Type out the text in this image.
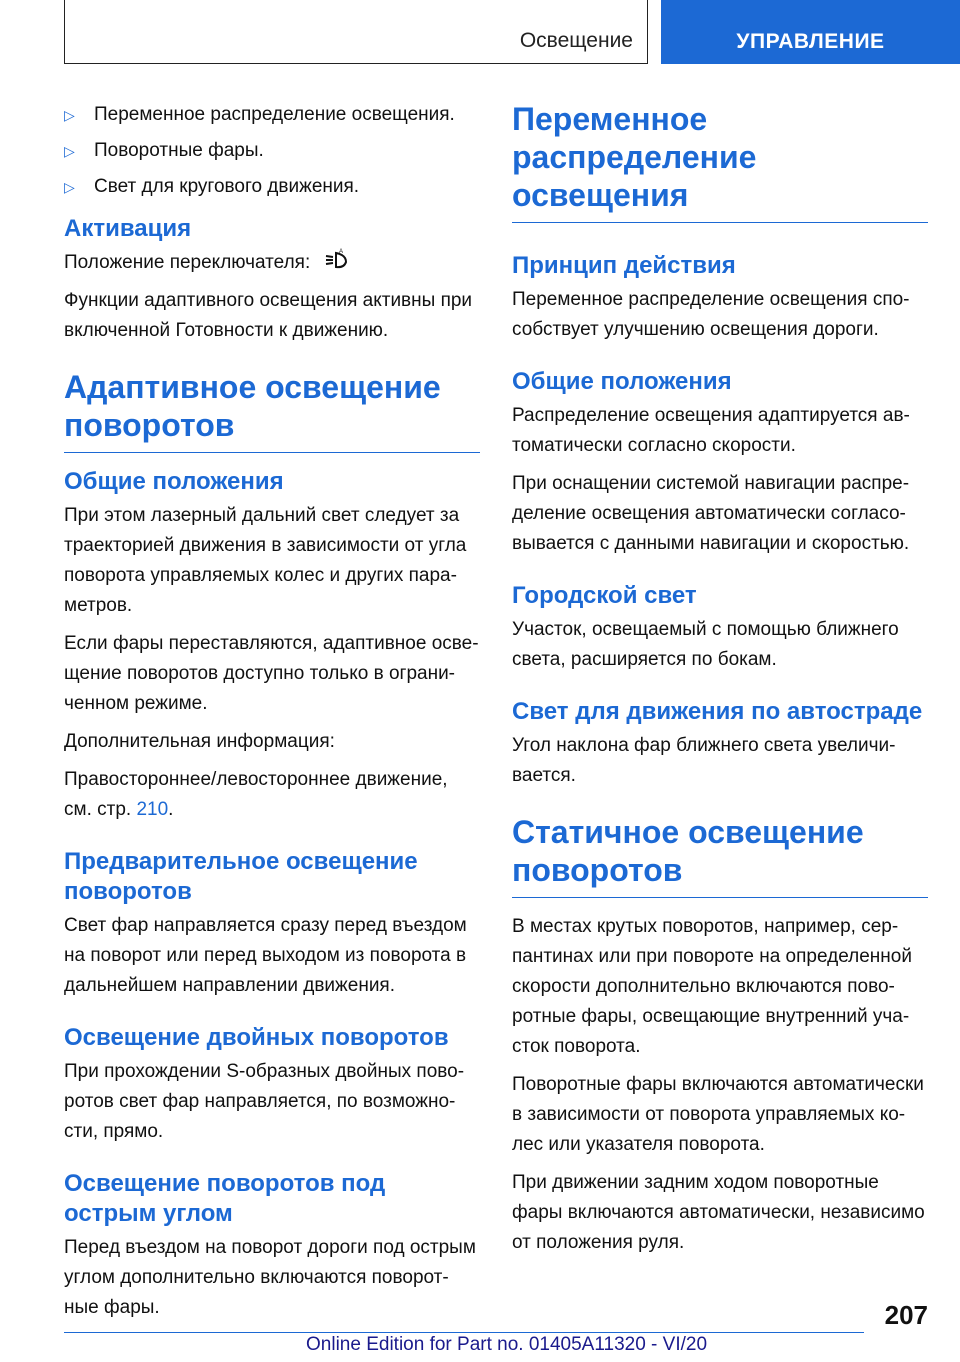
Освещение	УПРАВЛЕНИЕ
▷ Переменное распределение освещения.
▷ Поворотные фары.
▷ Свет для кругового движения.
Активация

Положение переключателя:	A

Функции адаптивного освещения активны при включенной Готовности к движению.

Адаптивное освещение поворотов
Общие положения

При этом лазерный дальний свет следует за траекторией движения в зависимости от угла поворота управляемых колес и других пара-метров.

Если фары переставляются, адаптивное осве-щение поворотов доступно только в ограни-ченном режиме.

Дополнительная информация:

Правостороннее/левостороннее движение, см. стр. 210.

Предварительное освещение поворотов

Свет фар направляется сразу перед въездом на поворот или перед выходом из поворота в дальнейшем направлении движения.

Освещение двойных поворотов

При прохождении S-образных двойных пово-ротов свет фар направляется, по возможно-сти, прямо.

Освещение поворотов под острым углом

Перед въездом на поворот дороги под острым углом дополнительно включаются поворот-ные фары.

Переменное распределение освещения
Принцип действия

Переменное распределение освещения спо-собствует улучшению освещения дороги.

Общие положения

Распределение освещения адаптируется ав-томатически согласно скорости.

При оснащении системой навигации распре-деление освещения автоматически согласо-вывается с данными навигации и скоростью.

Городской свет

Участок, освещаемый с помощью ближнего света, расширяется по бокам.

Свет для движения по автостраде

Угол наклона фар ближнего света увеличи-вается.

Статичное освещение поворотов

В местах крутых поворотов, например, сер-пантинах или при повороте на определенной скорости дополнительно включаются пово-ротные фары, освещающие внутренний уча-сток поворота.

Поворотные фары включаются автоматически в зависимости от поворота управляемых ко-лес или указателя поворота.

При движении задним ходом поворотные фары включаются автоматически, независимо от положения руля.

207
Online Edition for Part no. 01405A11320 - VI/20
